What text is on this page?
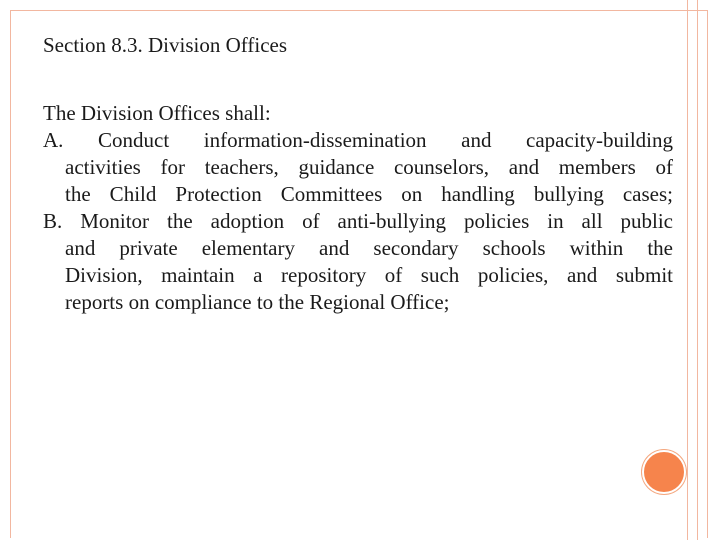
Section 8.3. Division Offices

The Division Offices shall:

A. Conduct information-dissemination and capacity-building
activities for teachers, guidance counselors, and members of
the Child Protection Committees on handling bullying cases;
B. Monitor the adoption of anti-bullying policies in all public
and private elementary and secondary schools within the
Division, maintain a repository of such policies, and submit
reports on compliance to the Regional Office;
